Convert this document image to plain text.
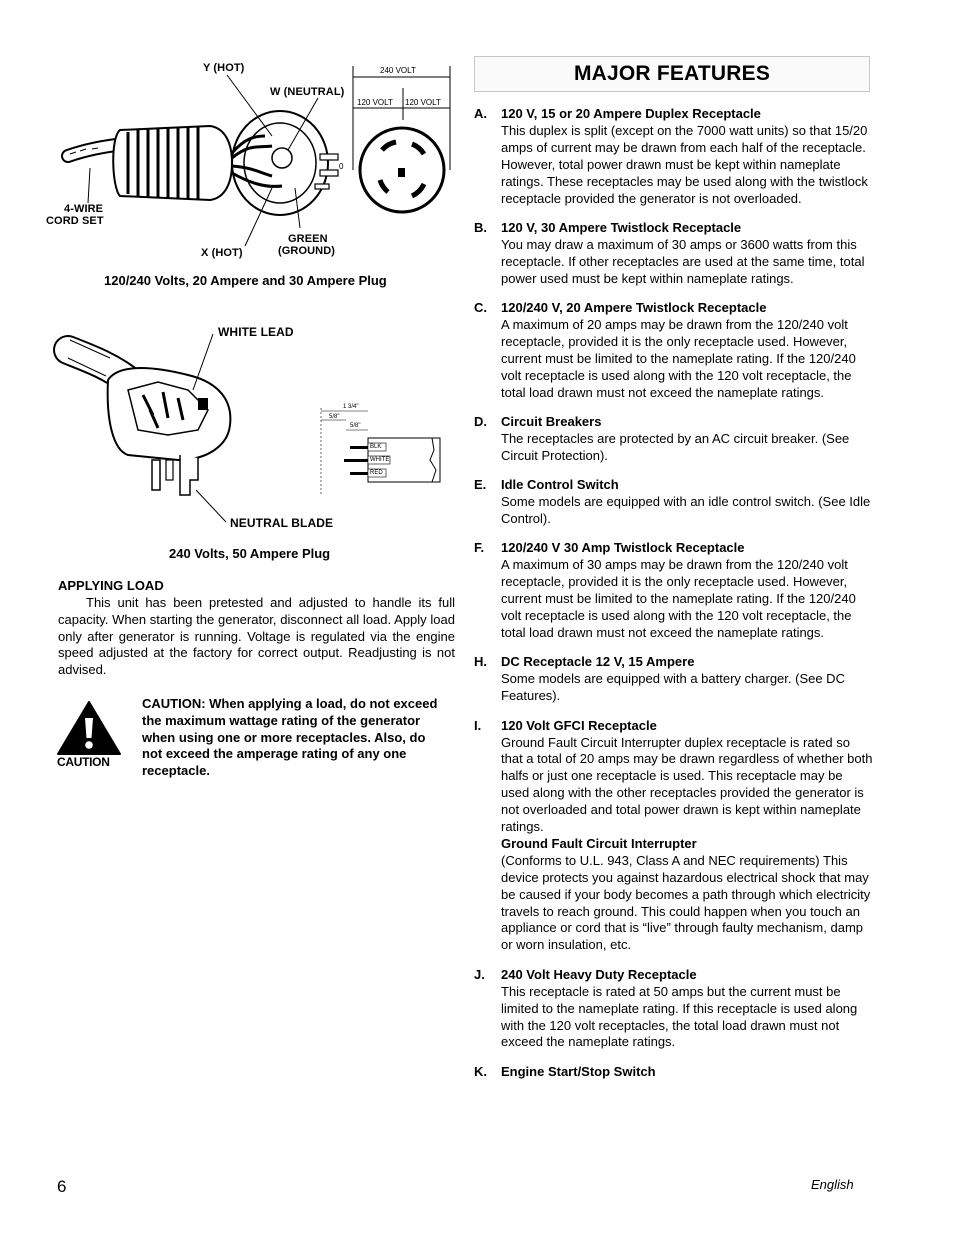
Y (HOT)
W (NEUTRAL)
X (HOT)
GREEN
(GROUND)
4-WIRE
CORD SET
240 VOLT
120 VOLT 120 VOLT
0
120/240 Volts, 20 Ampere and 30 Ampere Plug
WHITE LEAD
NEUTRAL BLADE
1 3/4"
5/8"
5/8"
BLK
WHITE
RED
240 Volts, 50 Ampere Plug
APPLYING LOAD
This unit has been pretested and adjusted to handle its full capacity. When starting the generator, disconnect all load. Apply load only after generator is running. Voltage is regulated via the engine speed adjusted at the factory for correct output. Readjusting is not advised.
CAUTION
CAUTION: When applying a load, do not exceed the maximum wattage rating of the generator when using one or more receptacles. Also, do not exceed the amperage rating of any one receptacle.
MAJOR FEATURES
A.	120 V, 15 or 20 Ampere Duplex Receptacle
This duplex is split (except on the 7000 watt units) so that 15/20 amps of current may be drawn from each half of the receptacle. However, total power drawn must be kept within nameplate ratings. These receptacles may be used along with the twistlock receptacle provided the generator is not overloaded.
B.	120 V, 30 Ampere Twistlock Receptacle
You may draw a maximum of 30 amps or 3600 watts from this receptacle. If other receptacles are used at the same time, total power used must be kept within nameplate ratings.
C.	120/240 V, 20 Ampere Twistlock Receptacle
A maximum of 20 amps may be drawn from the 120/240 volt receptacle, provided it is the only receptacle used. However, current must be limited to the nameplate rating. If the 120/240 volt receptacle is used along with the 120 volt receptacle, the total load drawn must not exceed the nameplate ratings.
D.	Circuit Breakers
The receptacles are protected by an AC circuit breaker. (See Circuit Protection).
E.	Idle Control Switch
Some models are equipped with an idle control switch. (See Idle Control).
F.	120/240 V 30 Amp Twistlock Receptacle
A maximum of 30 amps may be drawn from the 120/240 volt receptacle, provided it is the only receptacle used. However, current must be limited to the nameplate rating. If the 120/240 volt receptacle is used along with the 120 volt receptacle, the total load drawn must not exceed the nameplate ratings.
H.	DC Receptacle 12 V, 15 Ampere
Some models are equipped with a battery charger. (See DC Features).
I.	120 Volt GFCI Receptacle
Ground Fault Circuit Interrupter duplex receptacle is rated so that a total of 20 amps may be drawn regardless of whether both halfs or just one receptacle is used. This receptacle may be used along with the other receptacles provided the generator is not overloaded and total power drawn is kept within nameplate ratings.
Ground Fault Circuit Interrupter
(Conforms to U.L. 943, Class A and NEC requirements) This device protects you against hazardous electrical shock that may be caused if your body becomes a path through which electricity travels to reach ground. This could happen when you touch an appliance or cord that is “live” through faulty mechanism, damp or worn insulation, etc.
J.	240 Volt Heavy Duty Receptacle
This receptacle is rated at 50 amps but the current must be limited to the nameplate rating. If this receptacle is used along with the 120 volt receptacles, the total load drawn must not exceed the nameplate ratings.
K.	Engine Start/Stop Switch
6	English
